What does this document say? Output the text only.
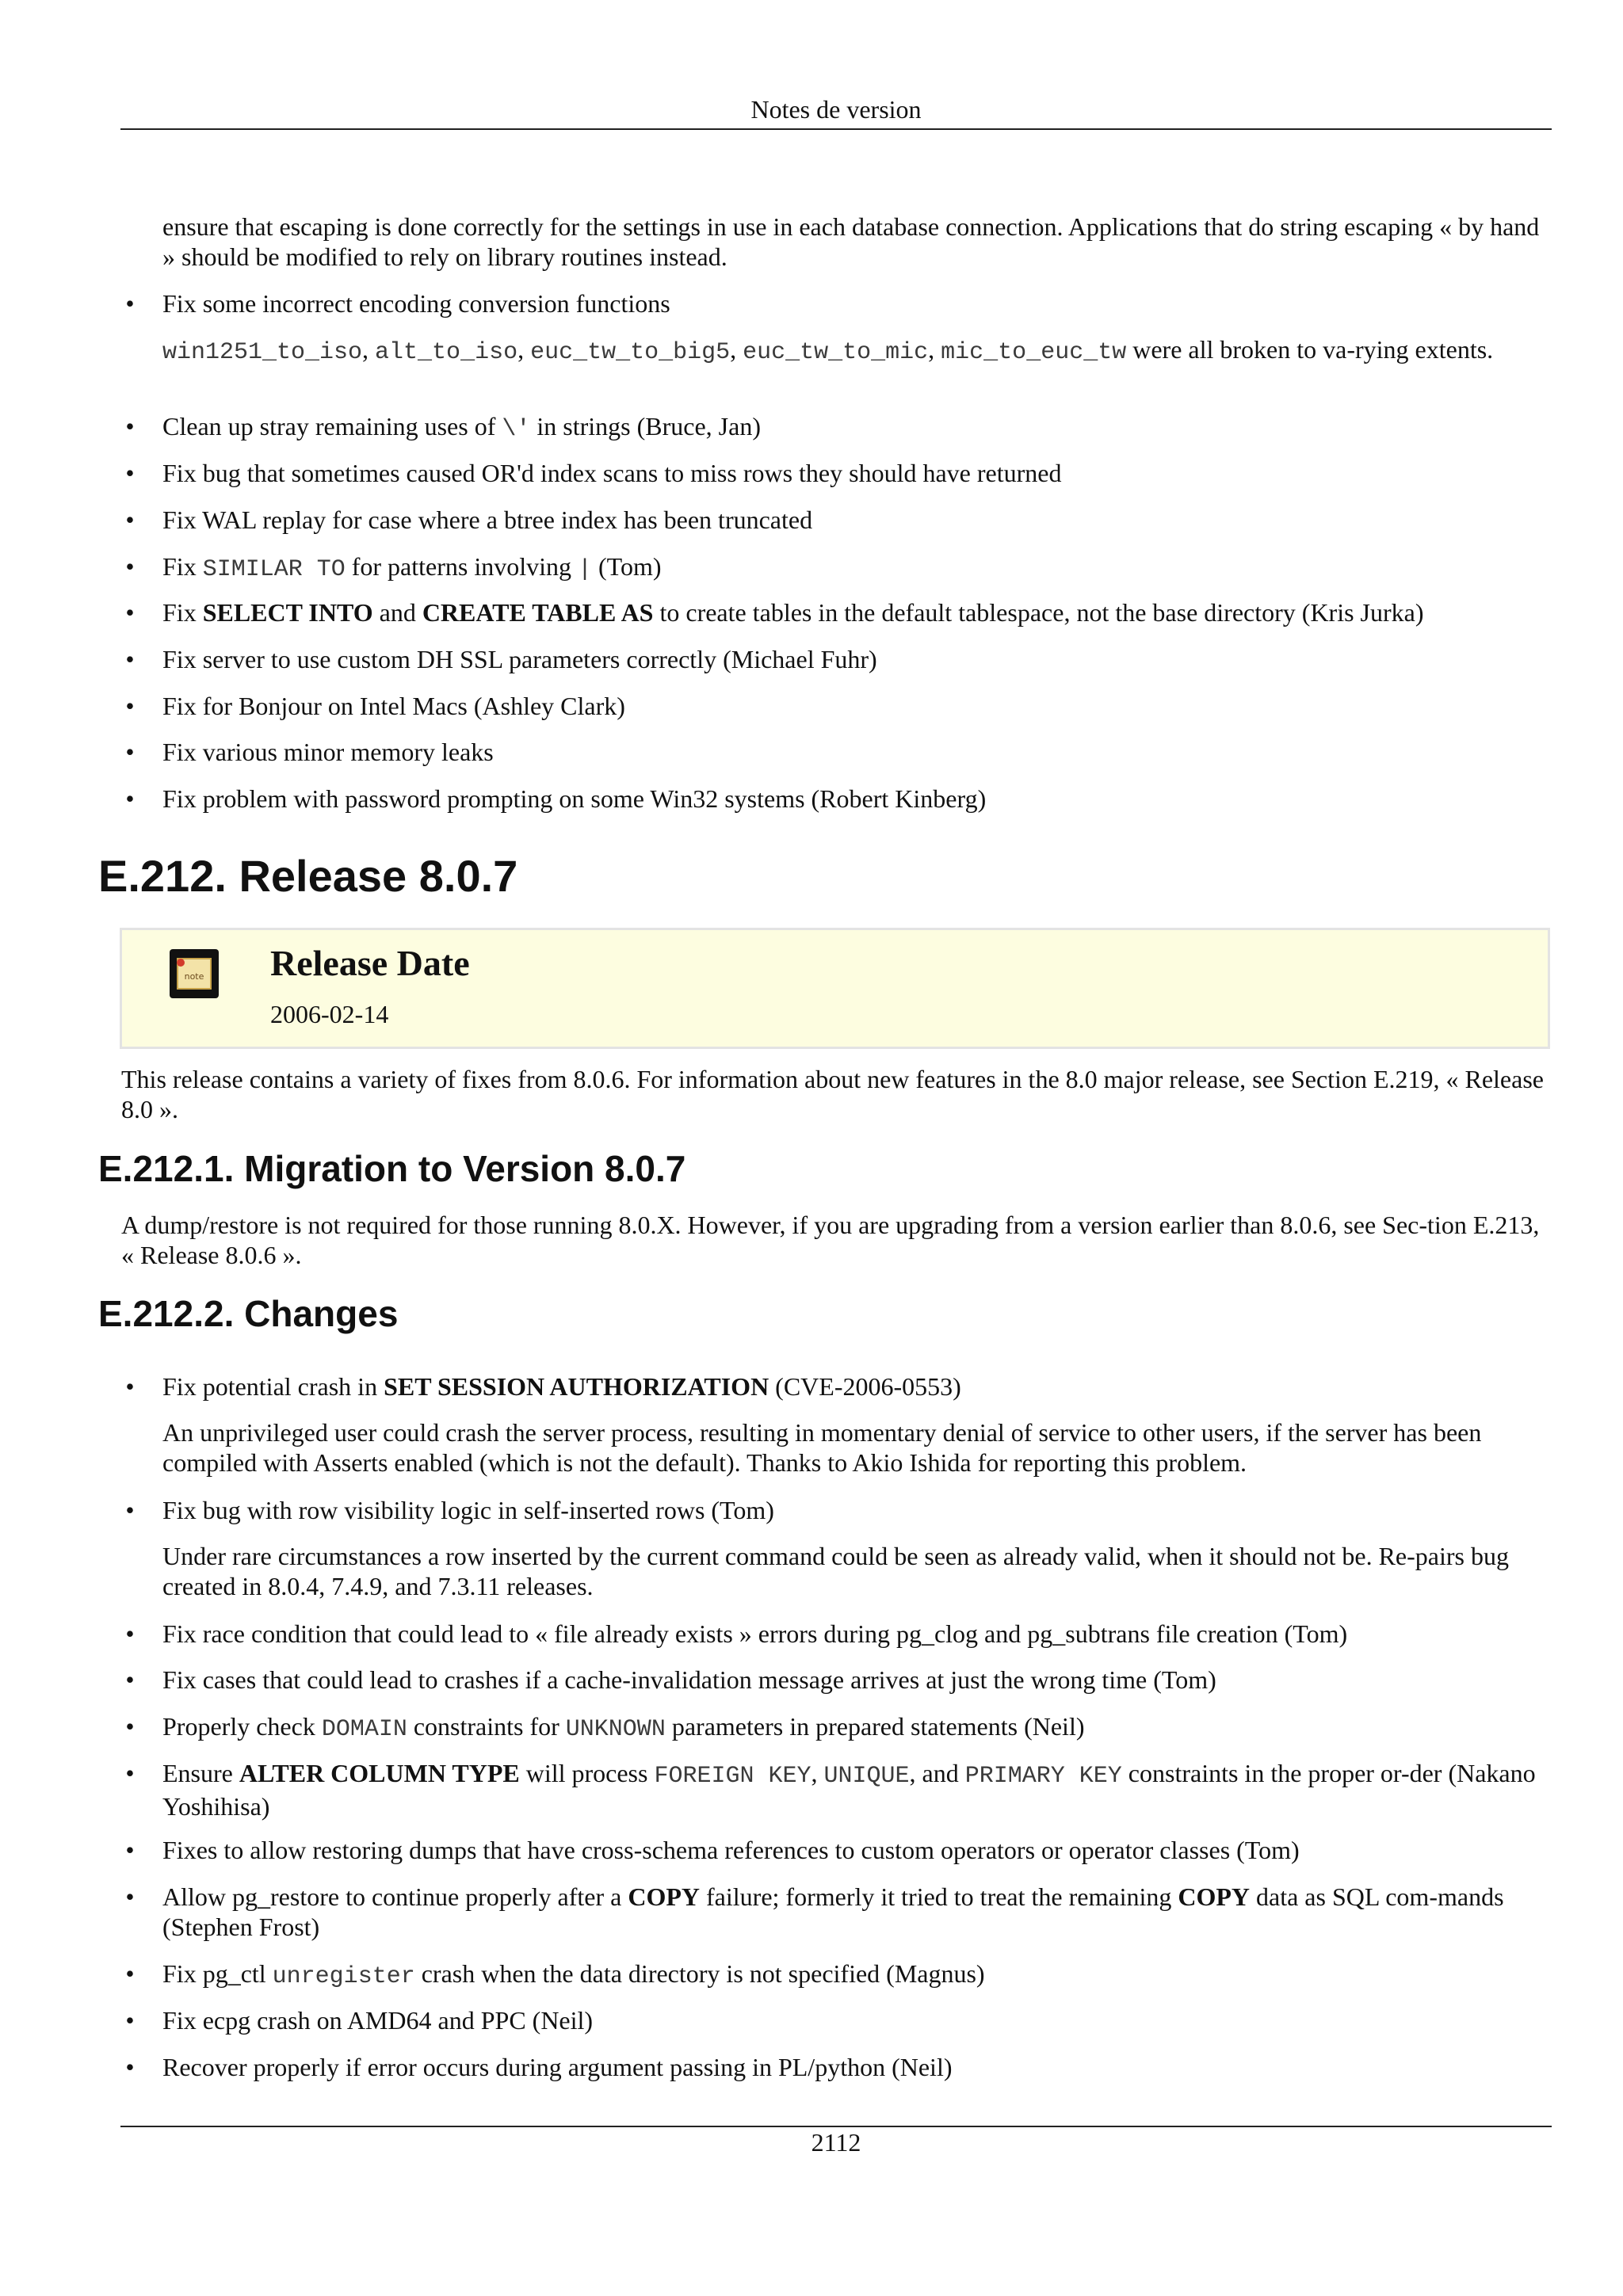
Notes de version

ensure that escaping is done correctly for the settings in use in each database connection. Applications that do string escaping « by hand » should be modified to rely on library routines instead.

• Fix some incorrect encoding conversion functions
win1251_to_iso, alt_to_iso, euc_tw_to_big5, euc_tw_to_mic, mic_to_euc_tw were all broken to va-rying extents.
• Clean up stray remaining uses of \' in strings (Bruce, Jan)
• Fix bug that sometimes caused OR'd index scans to miss rows they should have returned
• Fix WAL replay for case where a btree index has been truncated
• Fix SIMILAR TO for patterns involving | (Tom)
• Fix SELECT INTO and CREATE TABLE AS to create tables in the default tablespace, not the base directory (Kris Jurka)
• Fix server to use custom DH SSL parameters correctly (Michael Fuhr)
• Fix for Bonjour on Intel Macs (Ashley Clark)
• Fix various minor memory leaks
• Fix problem with password prompting on some Win32 systems (Robert Kinberg)
E.212. Release 8.0.7
note Release Date
2006-02-14

This release contains a variety of fixes from 8.0.6. For information about new features in the 8.0 major release, see Section E.219, « Release 8.0 ».

E.212.1. Migration to Version 8.0.7

A dump/restore is not required for those running 8.0.X. However, if you are upgrading from a version earlier than 8.0.6, see Sec-tion E.213, « Release 8.0.6 ».

E.212.2. Changes
• Fix potential crash in SET SESSION AUTHORIZATION (CVE-2006-0553)
An unprivileged user could crash the server process, resulting in momentary denial of service to other users, if the server has been compiled with Asserts enabled (which is not the default). Thanks to Akio Ishida for reporting this problem.
• Fix bug with row visibility logic in self-inserted rows (Tom)
Under rare circumstances a row inserted by the current command could be seen as already valid, when it should not be. Re-pairs bug created in 8.0.4, 7.4.9, and 7.3.11 releases.
• Fix race condition that could lead to « file already exists » errors during pg_clog and pg_subtrans file creation (Tom)
• Fix cases that could lead to crashes if a cache-invalidation message arrives at just the wrong time (Tom)
• Properly check DOMAIN constraints for UNKNOWN parameters in prepared statements (Neil)
• Ensure ALTER COLUMN TYPE will process FOREIGN KEY, UNIQUE, and PRIMARY KEY constraints in the proper or-der (Nakano Yoshihisa)
• Fixes to allow restoring dumps that have cross-schema references to custom operators or operator classes (Tom)
• Allow pg_restore to continue properly after a COPY failure; formerly it tried to treat the remaining COPY data as SQL com-mands (Stephen Frost)
• Fix pg_ctl unregister crash when the data directory is not specified (Magnus)
• Fix ecpg crash on AMD64 and PPC (Neil)
• Recover properly if error occurs during argument passing in PL/python (Neil)
2112
